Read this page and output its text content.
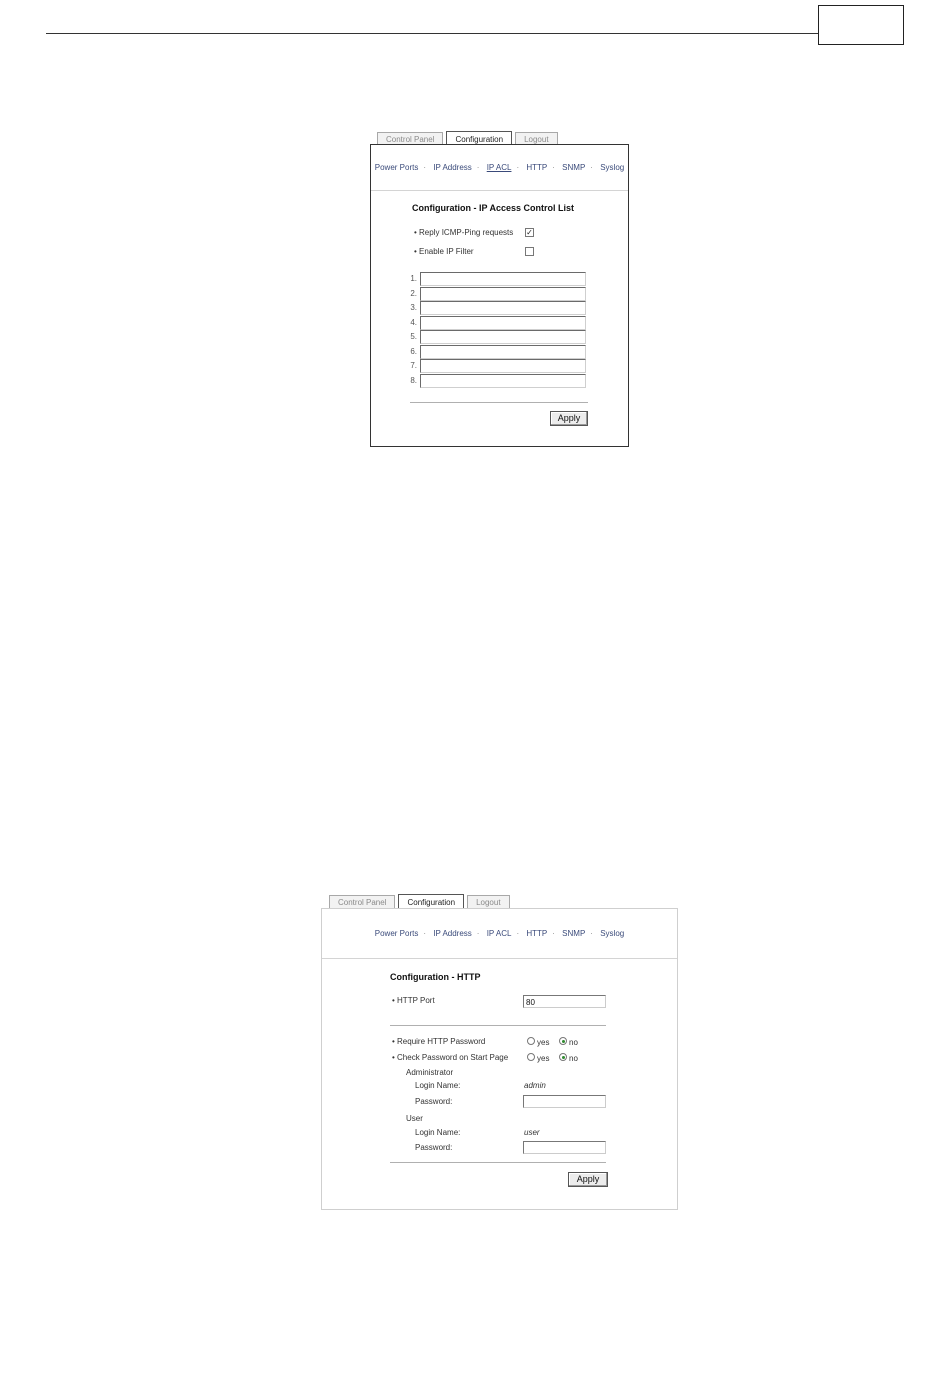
Control Panel	Configuration	Logout
Power Ports · IP Address · IP ACL · HTTP · SNMP · Syslog
Configuration - IP Access Control List
• Reply ICMP-Ping requests ✓
• Enable IP Filter
1.
2.
3.
4.
5.
6.
7.
8.
Apply
Control Panel	Configuration	Logout
Power Ports · IP Address · IP ACL · HTTP · SNMP · Syslog
Configuration - HTTP
• HTTP Port	80
• Require HTTP Password	yes no
• Check Password on Start Page	yes no
Administrator
Login Name:	admin
Password:
User
Login Name:	user
Password:
Apply
